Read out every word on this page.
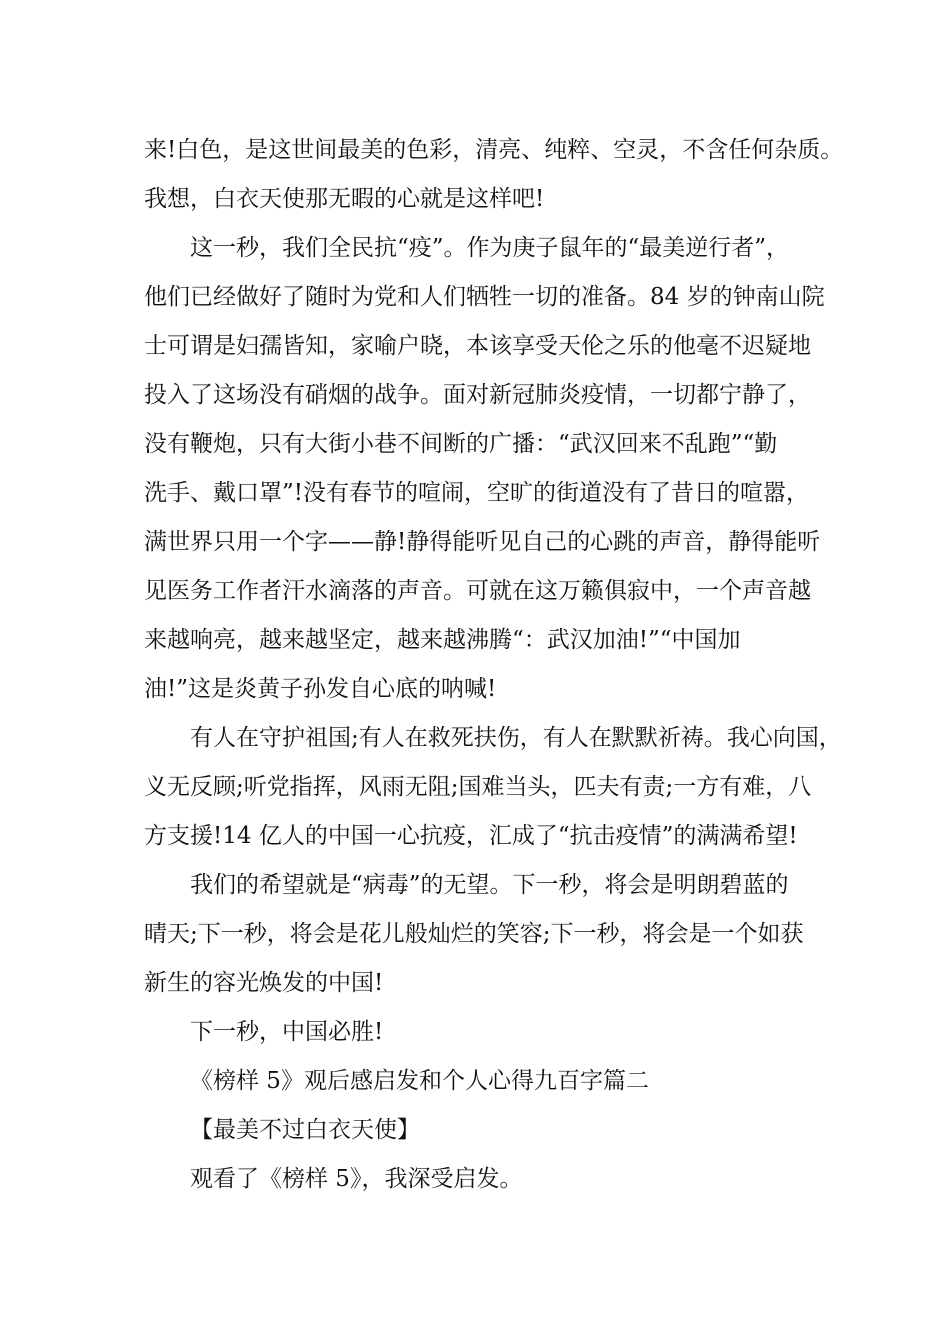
来!白色，是这世间最美的色彩，清亮、纯粹、空灵，不含任何杂质。
我想，白衣天使那无暇的心就是这样吧!

这一秒，我们全民抗“疫”。作为庚子鼠年的“最美逆行者”，
他们已经做好了随时为党和人们牺牲一切的准备。84 岁的钟南山院
士可谓是妇孺皆知，家喻户晓，本该享受天伦之乐的他毫不迟疑地
投入了这场没有硝烟的战争。面对新冠肺炎疫情，一切都宁静了，
没有鞭炮，只有大街小巷不间断的广播：“武汉回来不乱跑”“勤
洗手、戴口罩”!没有春节的喧闹，空旷的街道没有了昔日的喧嚣，
满世界只用一个字——静!静得能听见自己的心跳的声音，静得能听
见医务工作者汗水滴落的声音。可就在这万籁俱寂中，一个声音越
来越响亮，越来越坚定，越来越沸腾“：武汉加油!”“中国加
油!”这是炎黄子孙发自心底的呐喊!

有人在守护祖国;有人在救死扶伤，有人在默默祈祷。我心向国，
义无反顾;听党指挥，风雨无阻;国难当头，匹夫有责;一方有难，八
方支援!14 亿人的中国一心抗疫，汇成了“抗击疫情”的满满希望!

我们的希望就是“病毒”的无望。下一秒，将会是明朗碧蓝的
晴天;下一秒，将会是花儿般灿烂的笑容;下一秒，将会是一个如获
新生的容光焕发的中国!

下一秒，中国必胜!

《榜样 5》观后感启发和个人心得九百字篇二

【最美不过白衣天使】

观看了《榜样 5》，我深受启发。
